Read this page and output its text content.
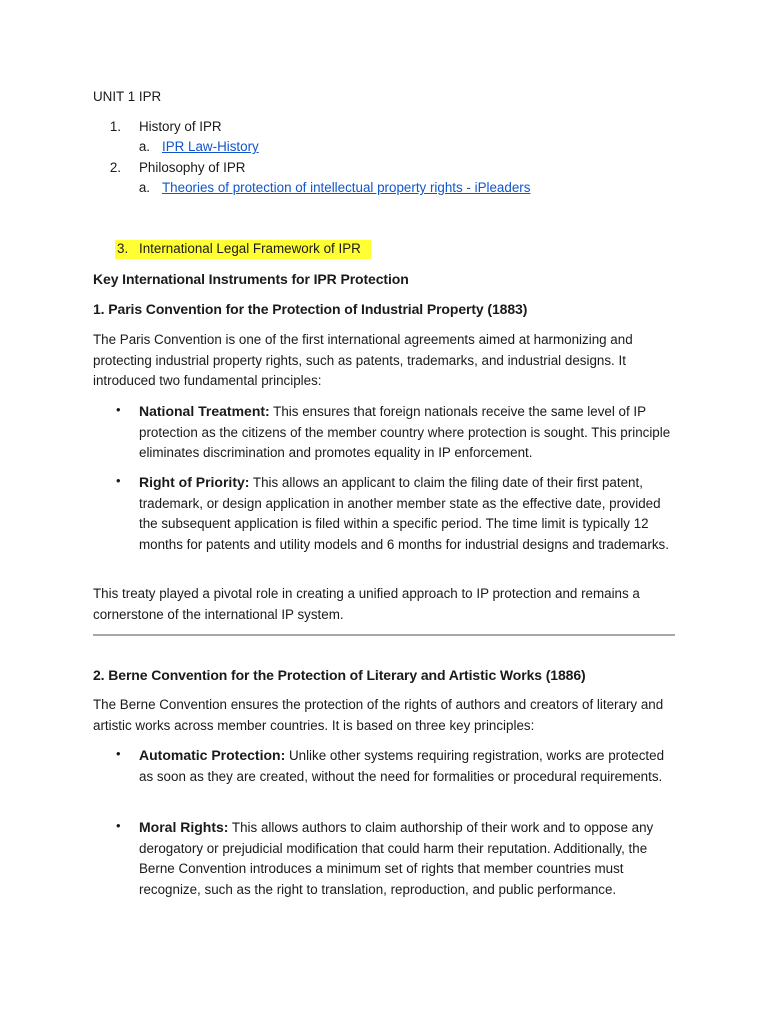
UNIT 1 IPR

1. History of IPR
a. IPR Law-History
2. Philosophy of IPR
a. Theories of protection of intellectual property rights - iPleaders
3. International Legal Framework of IPR

Key International Instruments for IPR Protection

1. Paris Convention for the Protection of Industrial Property (1883)

The Paris Convention is one of the first international agreements aimed at harmonizing and protecting industrial property rights, such as patents, trademarks, and industrial designs. It introduced two fundamental principles:

• National Treatment: This ensures that foreign nationals receive the same level of IP protection as the citizens of the member country where protection is sought. This principle eliminates discrimination and promotes equality in IP enforcement.
• Right of Priority: This allows an applicant to claim the filing date of their first patent, trademark, or design application in another member state as the effective date, provided the subsequent application is filed within a specific period. The time limit is typically 12 months for patents and utility models and 6 months for industrial designs and trademarks.

This treaty played a pivotal role in creating a unified approach to IP protection and remains a cornerstone of the international IP system.

2. Berne Convention for the Protection of Literary and Artistic Works (1886)

The Berne Convention ensures the protection of the rights of authors and creators of literary and artistic works across member countries. It is based on three key principles:

• Automatic Protection: Unlike other systems requiring registration, works are protected as soon as they are created, without the need for formalities or procedural requirements.
• Moral Rights: This allows authors to claim authorship of their work and to oppose any derogatory or prejudicial modification that could harm their reputation. Additionally, the Berne Convention introduces a minimum set of rights that member countries must recognize, such as the right to translation, reproduction, and public performance.
